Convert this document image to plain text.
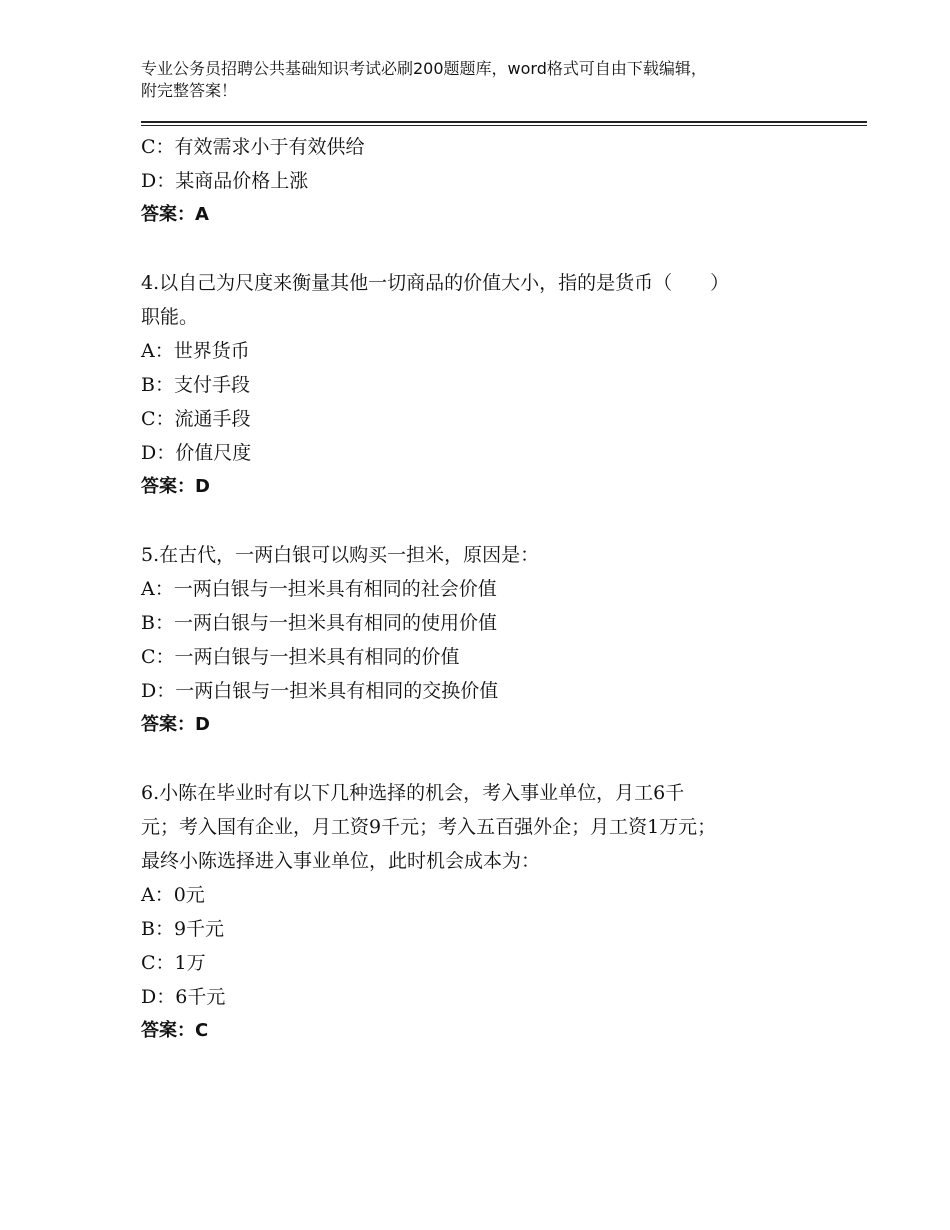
专业公务员招聘公共基础知识考试必刷200题题库，word格式可自由下载编辑，
附完整答案！
C：有效需求小于有效供给
D：某商品价格上涨
答案：A
4.以自己为尺度来衡量其他一切商品的价值大小，指的是货币（　　）
职能。
A：世界货币
B：支付手段
C：流通手段
D：价值尺度
答案：D
5.在古代，一两白银可以购买一担米，原因是：
A：一两白银与一担米具有相同的社会价值
B：一两白银与一担米具有相同的使用价值
C：一两白银与一担米具有相同的价值
D：一两白银与一担米具有相同的交换价值
答案：D
6.小陈在毕业时有以下几种选择的机会，考入事业单位，月工6千
元；考入国有企业，月工资9千元；考入五百强外企；月工资1万元；
最终小陈选择进入事业单位，此时机会成本为：
A：0元
B：9千元
C：1万
D：6千元
答案：C
